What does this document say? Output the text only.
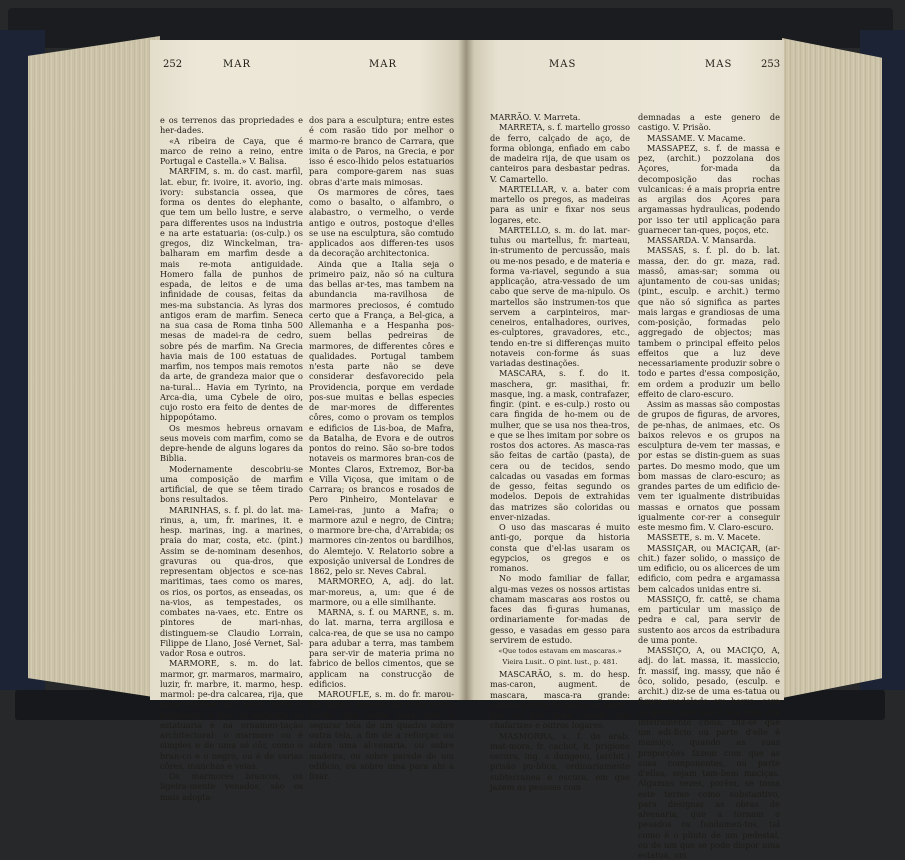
252	MAR	MAR	MAS	MAS	253

e os terrenos das propriedades e her-dades.

«A ribeira de Caya, que é marco de reino a reino, entre Portugal e Castella.» V. Balisa.

MARFIM, s. m. do cast. marfil, lat. ebur, fr. ivoire, it. avorio, ing. ivory: substancia ossea, que forma os dentes do elephante, que tem um bello lustre, e serve para differentes usos na industria e na arte estatuaria: (os-culp.) os gregos, diz Winckelman, tra-balharam em marfim desde a mais re-mota antiguidade. Homero falla de punhos de espada, de leitos e de uma infinidade de cousas, feitas da mes-ma substancia. As lyras dos antigos eram de marfim. Seneca na sua casa de Roma tinha 500 mesas de madei-ra de cedro, sobre pés de marfim. Na Grecia havia mais de 100 estatuas de marfim, nos tempos mais remotos da arte, de grandeza maior que o na-tural... Havia em Tyrinto, na Arca-dia, uma Cybele de oiro, cujo rosto era feito de dentes de hippopótamo.

Os mesmos hebreus ornavam seus moveis com marfim, como se depre-hende de alguns logares da Biblia.

Modernamente descobriu-se uma composição de marfim artificial, de que se têem tirado bons resultados.

MARINHAS, s. f. pl. do lat. ma-rinus, a, um, fr. marines, it. e hesp. marinas, ing. a marines, praia do mar, costa, etc. (pint.) Assim se de-nominam desenhos, gravuras ou qua-dros, que representam objectos e sce-nas maritimas, taes como os mares, os rios, os portos, as enseadas, os na-vios, as tempestades, os combates na-vaes, etc. Entre os pintores de mari-nhas, distinguem-se Claudio Lorrain, Filippe de Llano, José Vernet, Sal-vador Rosa e outros.

MARMORE, s. m. do lat. marmor, gr. marmaros, marmairo, luzir, fr. marbre, it. marmo, hesp. marmol: pe-dra calcarea, rija, que póde receber mui bello lustre e polimento, e que se emprega na estatuaria e na ornamen-tação architectoral: o marmore ou é simples e de uma só côr, como o bran-co e o negro, ou é de varias côres, manchas e veias.

Os marmores brancos, ou ligeira-mente venados, são os mais adopta-

dos para a esculptura; entre estes é com rasão tido por melhor o marmo-re branco de Carrara, que imita o de Paros, na Grecia, e por isso é esco-lhido pelos estatuarios para compore-garem nas suas obras d'arte mais mimosas.

Os marmores de côres, taes como o basalto, o alfambro, o alabastro, o vermelho, o verde antigo e outros, postoque d'elles se use na esculptura, são comtudo applicados aos differen-tes usos da decoração architectonica.

Ainda que a Italia seja o primeiro paiz, não só na cultura das bellas ar-tes, mas tambem na abundancia ma-ravilhosa de marmores preciosos, é comtudo certo que a França, a Bel-gica, a Allemanha e a Hespanha pos-suem bellas pedreiras de marmores, de differentes côres e qualidades. Portugal tambem n'esta parte não se deve considerar desfavorecido pela Providencia, porque em verdade pos-sue muitas e bellas especies de mar-mores de differentes côres, como o provam os templos e edificios de Lis-boa, de Mafra, da Batalha, de Evora e de outros pontos do reino. São so-bre todos notaveis os marmores bran-cos de Montes Claros, Extremoz, Bor-ba e Villa Viçosa, que imitam o de Carrara; os brancos e rosados de Pero Pinheiro, Montelavar e Lamei-ras, junto a Mafra; o marmore azul e negro, de Cintra; o marmore bre-cha, d'Arrabida; os marmores cin-zentos ou bardilhos, do Alemtejo. V. Relatorio sobre a exposição universal de Londres de 1862, pelo sr. Neves Cabral.

MARMOREO, A, adj. do lat. mar-moreus, a, um: que é de marmore, ou a elle similhante.

MARNA, s. f. ou MARNE, s. m. do lat. marna, terra argillosa e calca-rea, de que se usa no campo para adubar a terra, mas tambem para ser-vir de materia prima no fabrico de bellos cimentos, que se applicam na construcção de edificios.

MAROUFLE, s. m. do fr. marou-fle, (pint.) especie de colla muito for-te, que serve para unir e segurar tela de um quadro sobre outra tela, a fim de a reforçar, ou sobre uma al-venaria, ou sobre madeira, ou sobre parede de um edificio, ou sobre uma para ahi a fixar.

MARRÃO. V. Marreta.

MARRETA, s. f. martello grosso de ferro, calçado de aço, de forma oblonga, enfiado em cabo de madeira rija, de que usam os canteiros para desbastar pedras. V. Camartello.

MARTELLAR, v. a. bater com martello os pregos, as madeiras para as unir e fixar nos seus logares, etc.

MARTELLO, s. m. do lat. mar-tulus ou martellus, fr. marteau, in-strumento de percussão, mais ou me-nos pesado, e de materia e forma va-riavel, segundo a sua applicação, atra-vessado de um cabo que serve de ma-nipulo. Os martellos são instrumen-tos que servem a carpinteiros, mar-ceneiros, entalhadores, ourives, es-culptores, gravadores, etc., tendo en-tre si differenças muito notaveis con-forme ás suas variadas destinações.

MASCARA, s. f. do it. maschera, gr. masithai, fr. masque, ing. a mask, contrafazer, fingir. (pint. e es-culp.) rosto ou cara fingida de ho-mem ou de mulher, que se usa nos thea-tros, e que se lhes imitam por sobre os rostos dos actores. As masca-ras são feitas de cartão (pasta), de cera ou de tecidos, sendo calcadas ou vasadas em formas de gesso, feitas segundo os modelos. Depois de extrahidas das matrizes são coloridas ou enver-nizadas.

O uso das mascaras é muito anti-go, porque da historia consta que d'el-las usaram os egypcios, os gregos e os romanos.

No modo familiar de fallar, algu-mas vezes os nossos artistas chamam mascaras aos rostos ou faces das fi-guras humanas, ordinariamente for-madas de gesso, e vasadas em gesso para servirem de estudo.

«Que todos estavam em mascaras.»

Vieira Lusit.. O pint. lust., p. 481.

MASCARÃO, s. m. do hesp. mas-caron, augment. de mascara, masca-ra grande: carranca feita de pedra ou metal, que se põe para ornato nos chafarizes e outros logares.

MASMORRA, s. f. do arab. mat-mora, fr. cachot, it. prigione oscura, ing. a dungeon, (archit.) prisão pu-blica, ordinariamente subterranea e escura, em que jazem as pessoas com

demnadas a este genero de castigo. V. Prisão.

MASSAME. V. Macame.

MASSAPEZ, s. f. de massa e pez, (archit.) pozzolana dos Açores, for-mada da decomposição das rochas vulcanicas: é a mais propria entre as argilas dos Açores para argamassas hydraulicas, podendo por isso ter util applicação para guarnecer tan-ques, poços, etc.

MASSARDA. V. Mansarda.

MASSAS, s. f. pl. do b. lat. massa, der. do gr. maza, rad. massô, amas-sar; somma ou ajuntamento de cou-sas unidas; (pint., esculp. e archit.) termo que não só significa as partes mais largas e grandiosas de uma com-posição, formadas pelo aggregado de objectos; mas tambem o principal effeito pelos effeitos que a luz deve necessariamente produzir sobre o todo e partes d'essa composição, em ordem a produzir um bello effeito de claro-escuro.

Assim as massas são compostas de grupos de figuras, de arvores, de pe-nhas, de animaes, etc. Os baixos relevos e os grupos na esculptura de-vem ter massas, e por estas se distin-guem as suas partes. Do mesmo modo, que um bom massas de claro-escuro; as grandes partes de um edificio de-vem ter igualmente distribuidas massas e ornatos que possam igualmente cor-rer a conseguir este mesmo fim. V. Claro-escuro.

MASSETE, s. m. V. Macete.

MASSIÇAR, ou MACIÇAR, (ar-chit.) fazer solido, o massiço de um edificio, ou os alicerces de um edificio, com pedra e argamassa bem calcados unidas entre si.

MASSIÇO, fr. cattê, se chama em particular um massiço de pedra e cal, para servir de sustento aos arcos da estribadura de uma ponte.

MASSIÇO, A, ou MACIÇO, A, adj. do lat. massa, it. massiccio, fr. massif, ing. massy, que não é ôco, solido, pesado, (esculp. e archit.) diz-se de uma es-tatua ou figura modelada em barro, cera ou gesso, que não é ôca, mas sim inteiramente cheia. Diz-se que um edi-ficio ou parte d'elle é massiço, quando as suas proporções fazem com que as suas componentes, ou parte d'ellas, sejam tam-bem maciças. Algumas vezes, porém, se toma este termo como substantivo, para designar as obras de alvenaria, que a tornam o pesados os fundamen-tos, tal como é o plinto de um pedestal, ou de um que se pode dispor uma estatua, um
